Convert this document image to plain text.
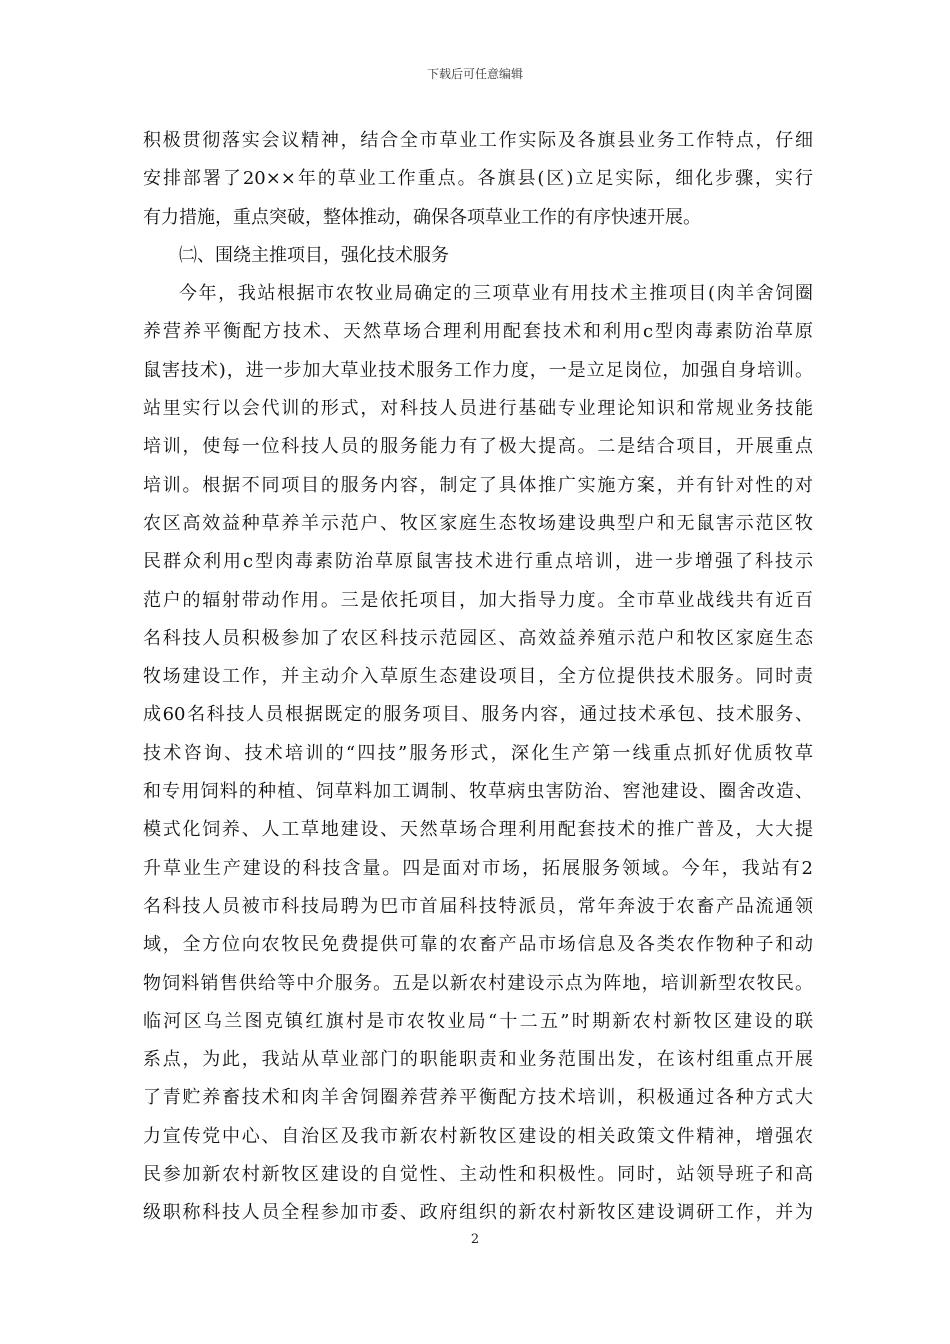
下载后可任意编辑
积极贯彻落实会议精神，结合全市草业工作实际及各旗县业务工作特点，仔细
安排部署了20××年的草业工作重点。各旗县(区)立足实际，细化步骤，实行
有力措施，重点突破，整体推动，确保各项草业工作的有序快速开展。
㈡、围绕主推项目，强化技术服务
今年，我站根据市农牧业局确定的三项草业有用技术主推项目(肉羊舍饲圈
养营养平衡配方技术、天然草场合理利用配套技术和利用c型肉毒素防治草原
鼠害技术)，进一步加大草业技术服务工作力度，一是立足岗位，加强自身培训。
站里实行以会代训的形式，对科技人员进行基础专业理论知识和常规业务技能
培训，使每一位科技人员的服务能力有了极大提高。二是结合项目，开展重点
培训。根据不同项目的服务内容，制定了具体推广实施方案，并有针对性的对
农区高效益种草养羊示范户、牧区家庭生态牧场建设典型户和无鼠害示范区牧
民群众利用c型肉毒素防治草原鼠害技术进行重点培训，进一步增强了科技示
范户的辐射带动作用。三是依托项目，加大指导力度。全市草业战线共有近百
名科技人员积极参加了农区科技示范园区、高效益养殖示范户和牧区家庭生态
牧场建设工作，并主动介入草原生态建设项目，全方位提供技术服务。同时责
成60名科技人员根据既定的服务项目、服务内容，通过技术承包、技术服务、
技术咨询、技术培训的“四技”服务形式，深化生产第一线重点抓好优质牧草
和专用饲料的种植、饲草料加工调制、牧草病虫害防治、窖池建设、圈舍改造、
模式化饲养、人工草地建设、天然草场合理利用配套技术的推广普及，大大提
升草业生产建设的科技含量。四是面对市场，拓展服务领域。今年，我站有2
名科技人员被市科技局聘为巴市首届科技特派员，常年奔波于农畜产品流通领
域，全方位向农牧民免费提供可靠的农畜产品市场信息及各类农作物种子和动
物饲料销售供给等中介服务。五是以新农村建设示点为阵地，培训新型农牧民。
临河区乌兰图克镇红旗村是市农牧业局“十二五”时期新农村新牧区建设的联
系点，为此，我站从草业部门的职能职责和业务范围出发，在该村组重点开展
了青贮养畜技术和肉羊舍饲圈养营养平衡配方技术培训，积极通过各种方式大
力宣传党中心、自治区及我市新农村新牧区建设的相关政策文件精神，增强农
民参加新农村新牧区建设的自觉性、主动性和积极性。同时，站领导班子和高
级职称科技人员全程参加市委、政府组织的新农村新牧区建设调研工作，并为
2
